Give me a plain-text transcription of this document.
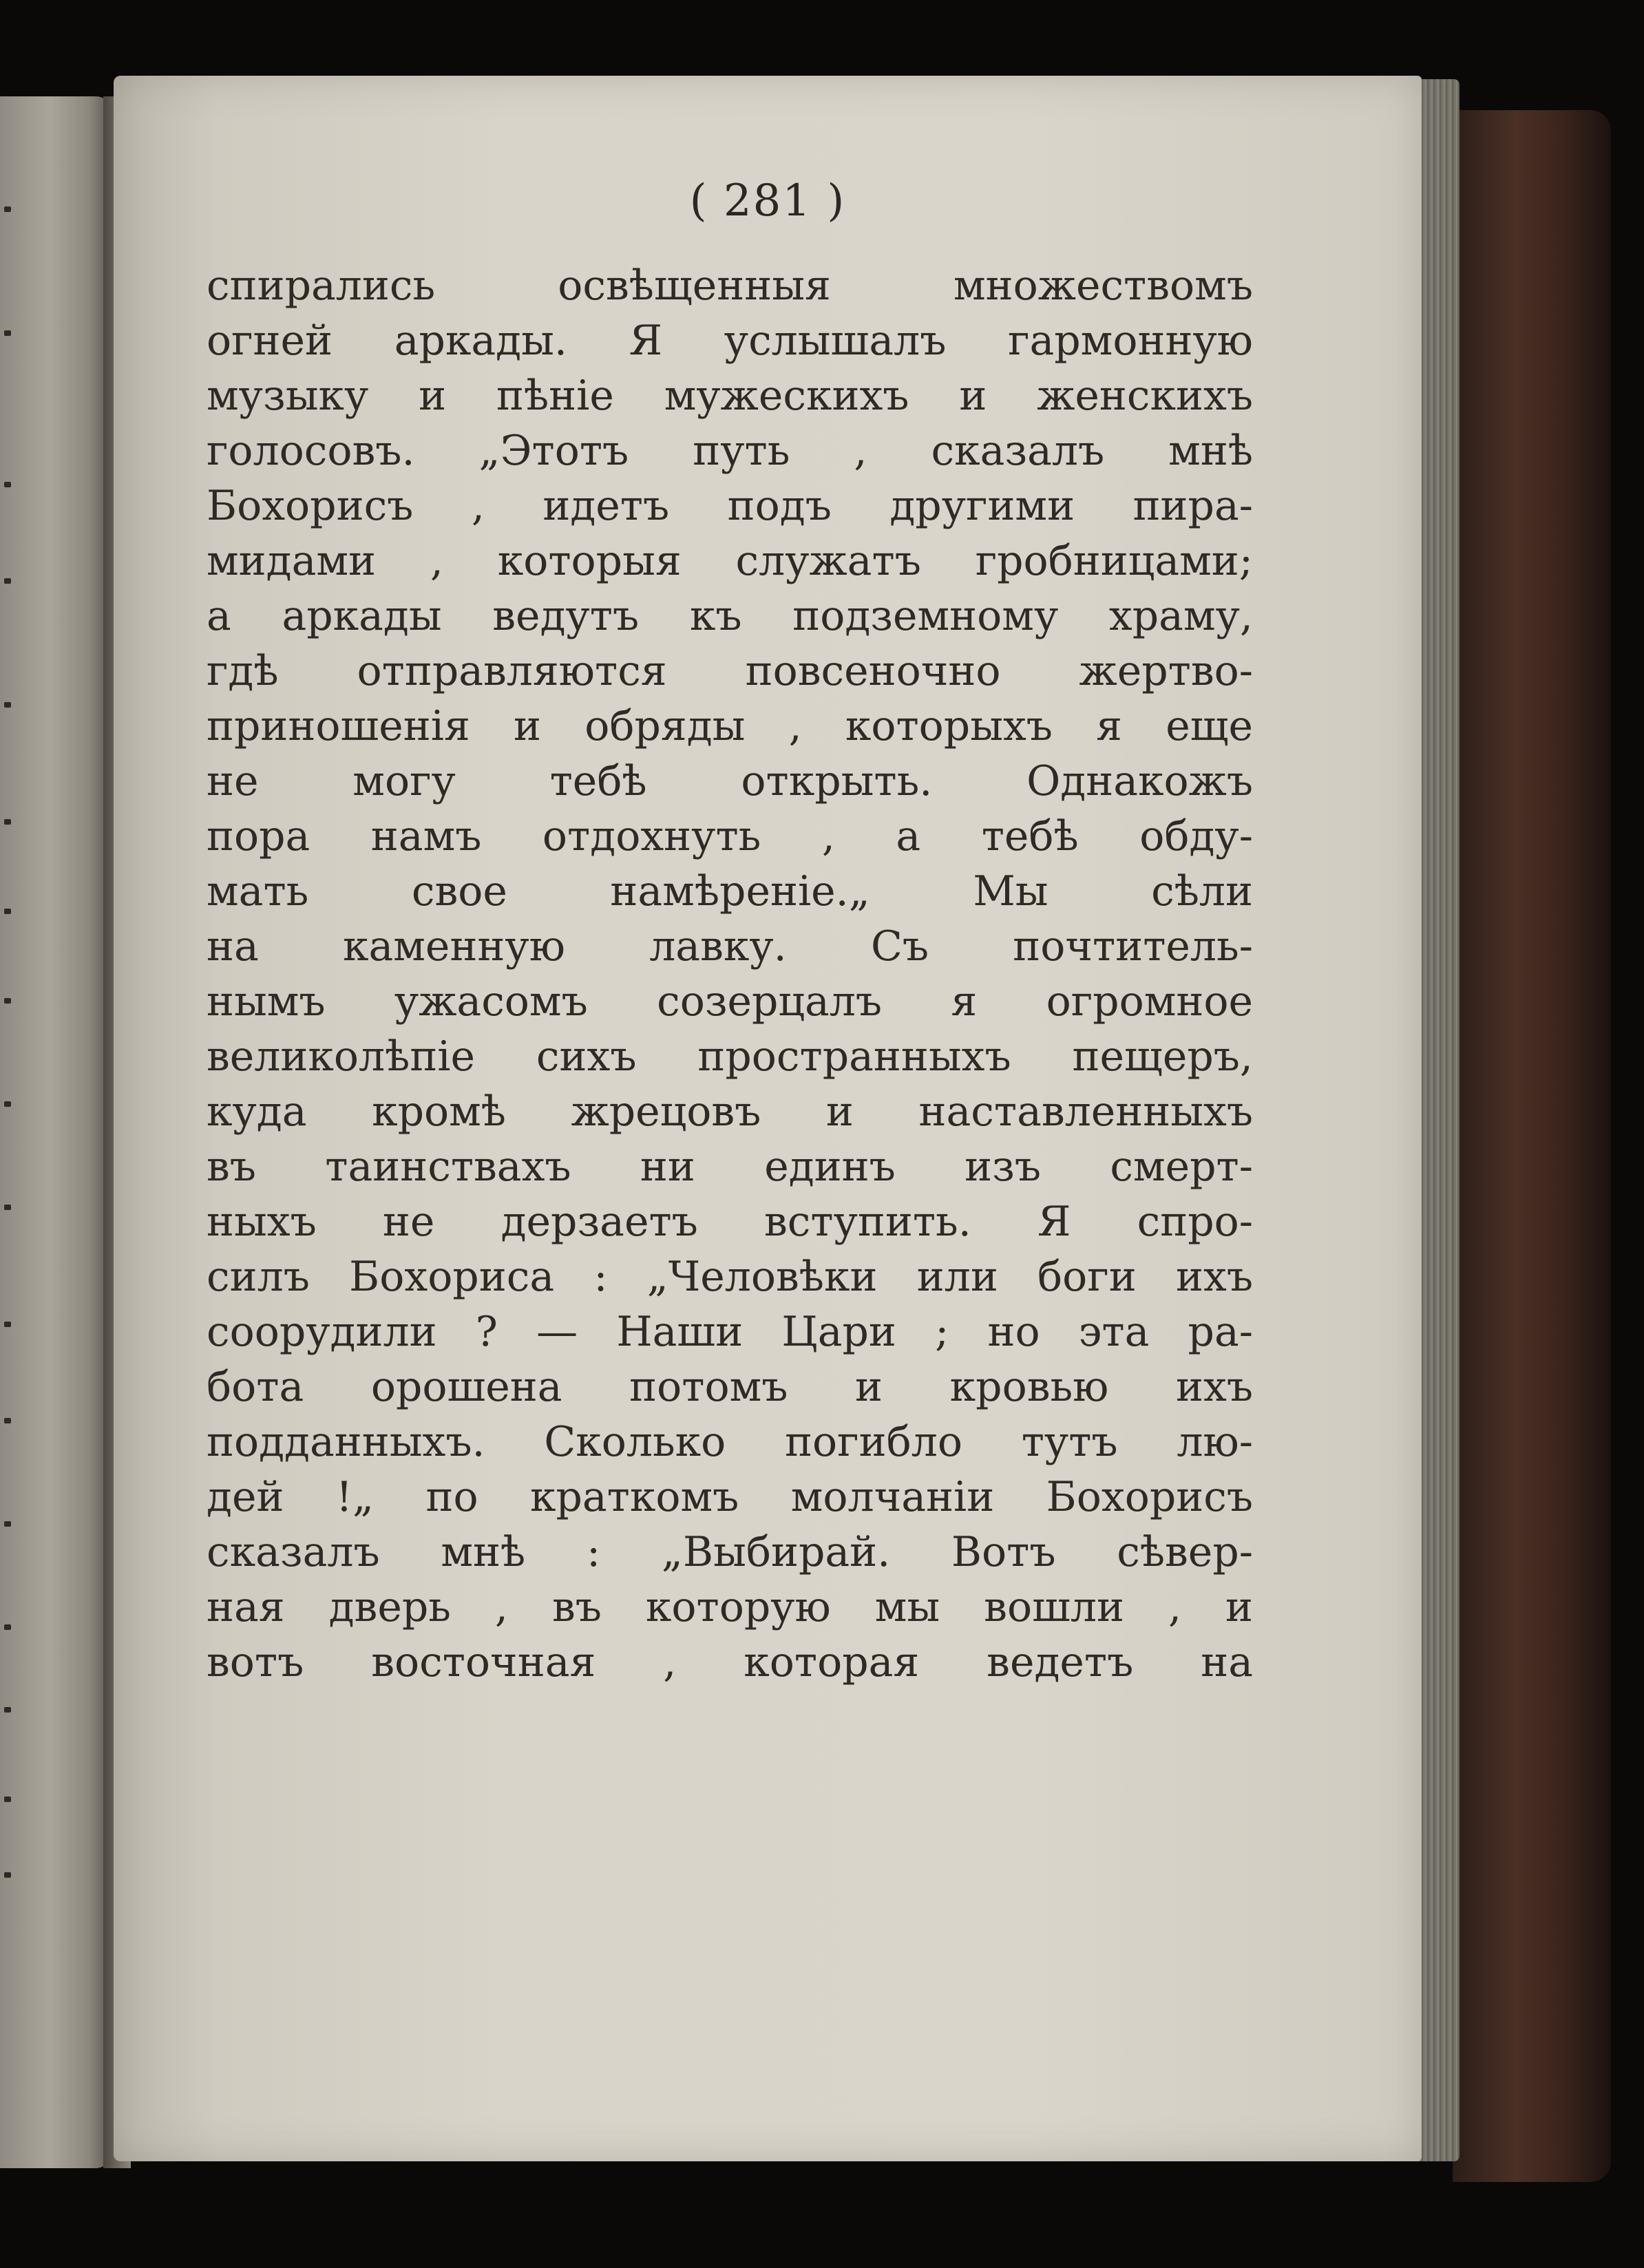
( 281 )
спирались освѣщенныя множествомъ
огней аркады. Я услышалъ гармонную
музыку и пѣніе мужескихъ и женскихъ
голосовъ. „Этотъ путь , сказалъ мнѣ
Бохорисъ , идетъ подъ другими пира-
мидами , которыя служатъ гробницами;
а аркады ведутъ къ подземному храму,
гдѣ отправляются повсеночно жертво-
приношенія и обряды , которыхъ я еще
не могу тебѣ открыть. Однакожъ
пора намъ отдохнуть , а тебѣ обду-
мать свое намѣреніе.„ Мы сѣли
на каменную лавку. Съ почтитель-
нымъ ужасомъ созерцалъ я огромное
великолѣпіе сихъ пространныхъ пещеръ,
куда кромѣ жрецовъ и наставленныхъ
въ таинствахъ ни единъ изъ смерт-
ныхъ не дерзаетъ вступить. Я спро-
силъ Бохориса : „Человѣки или боги ихъ
соорудили ? — Наши Цари ; но эта ра-
бота орошена потомъ и кровью ихъ
подданныхъ. Сколько погибло тутъ лю-
дей !„ по краткомъ молчаніи Бохорисъ
сказалъ мнѣ : „Выбирай. Вотъ сѣвер-
ная дверь , въ которую мы вошли , и
вотъ восточная , которая ведетъ на
